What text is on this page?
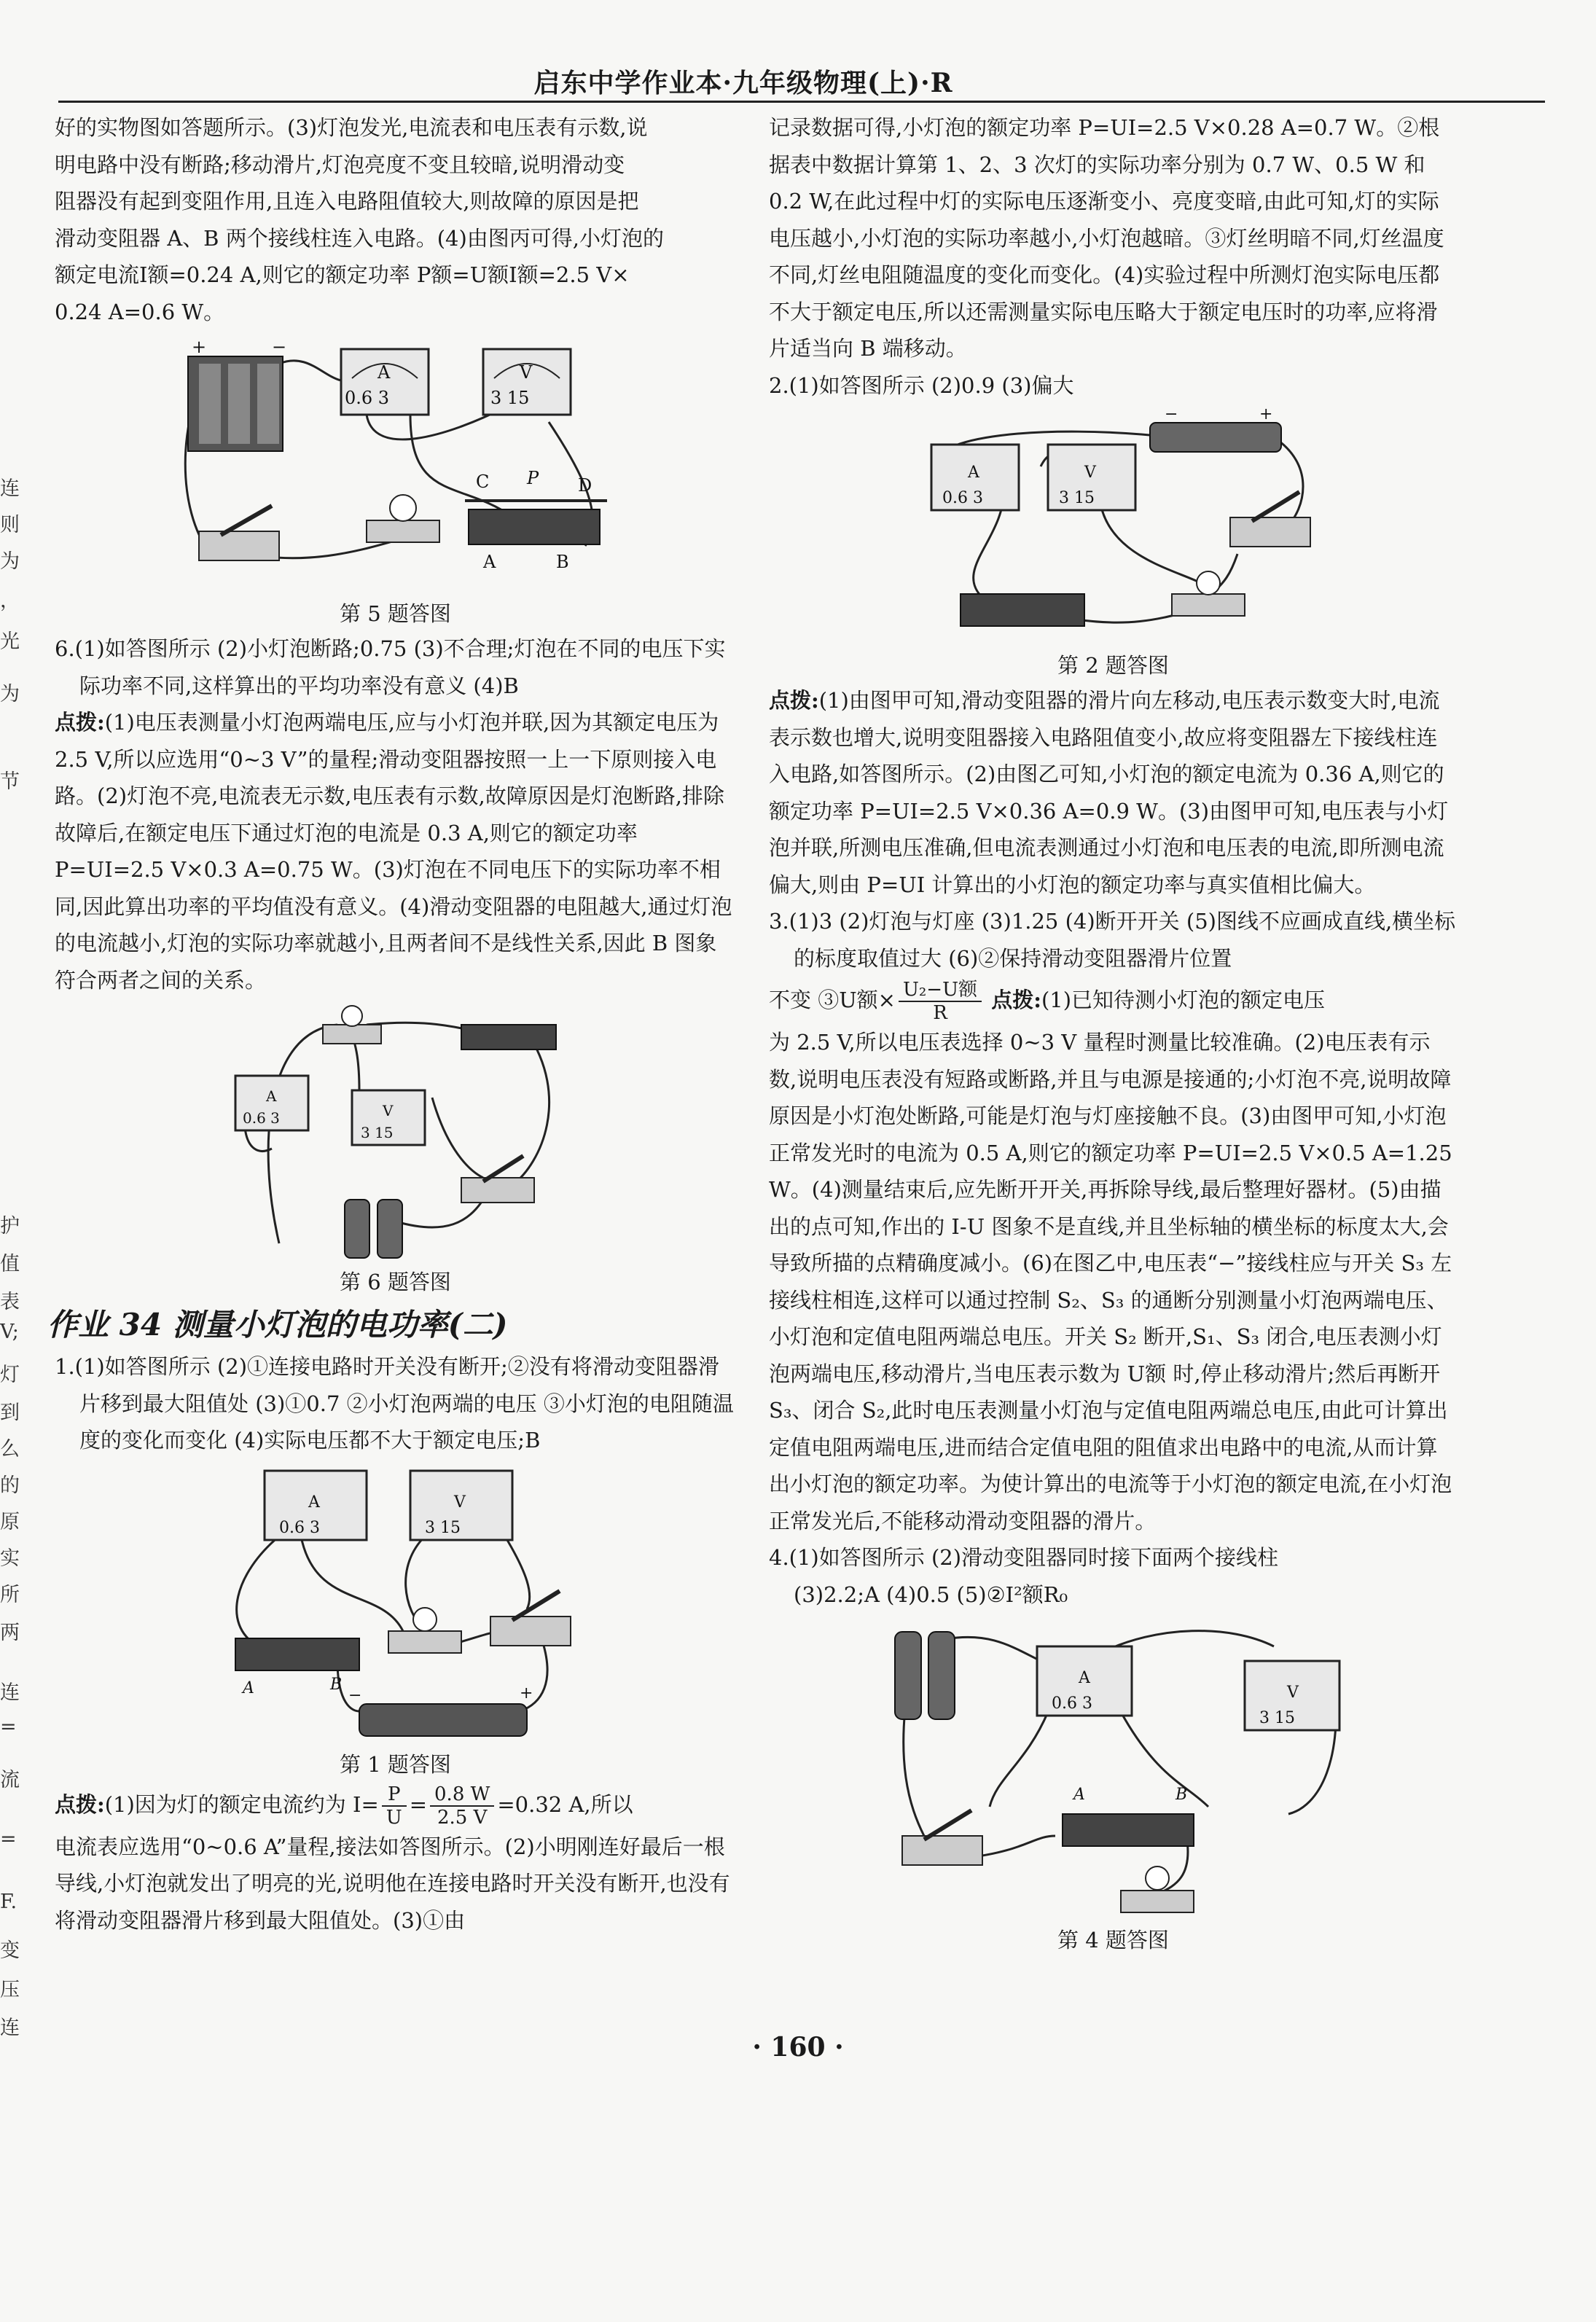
连
则
为
，
光
为
节
护
值
表
V;
灯
到
么
的
原
实
所
两
连
=
流
=
F.
变
压
连
启东中学作业本·九年级物理(上)·R

好的实物图如答题所示。(3)灯泡发光,电流表和电压表有示数,说

明电路中没有断路;移动滑片,灯泡亮度不变且较暗,说明滑动变

阻器没有起到变阻作用,且连入电路阻值较大,则故障的原因是把

滑动变阻器 A、B 两个接线柱连入电路。(4)由图丙可得,小灯泡的

额定电流I额=0.24 A,则它的额定功率 P额=U额I额=2.5 V×

0.24 A=0.6 W。

0.6 3	3 15
A	V
+	−
C P D
A	B
第 5 题答图

6.(1)如答图所示 (2)小灯泡断路;0.75 (3)不合理;灯泡在不同的电压下实际功率不同,这样算出的平均功率没有意义 (4)B

点拨:(1)电压表测量小灯泡两端电压,应与小灯泡并联,因为其额定电压为 2.5 V,所以应选用“0~3 V”的量程;滑动变阻器按照一上一下原则接入电路。(2)灯泡不亮,电流表无示数,电压表有示数,故障原因是灯泡断路,排除故障后,在额定电压下通过灯泡的电流是 0.3 A,则它的额定功率 P=UI=2.5 V×0.3 A=0.75 W。(3)灯泡在不同电压下的实际功率不相同,因此算出功率的平均值没有意义。(4)滑动变阻器的电阻越大,通过灯泡的电流越小,灯泡的实际功率就越小,且两者间不是线性关系,因此 B 图象符合两者之间的关系。

0.6 3
3 15
A
V
第 6 题答图
作业 34 测量小灯泡的电功率(二)

1.(1)如答图所示 (2)①连接电路时开关没有断开;②没有将滑动变阻器滑片移到最大阻值处 (3)①0.7 ②小灯泡两端的电压 ③小灯泡的电阻随温度的变化而变化 (4)实际电压都不大于额定电压;B

0.6 3	3 15
A	V
A	B
−	+
第 1 题答图

点拨:(1)因为灯的额定电流约为 $I= \frac{P}{U} = \frac{0.8 W}{2.5 V} =0.32$ A,所以

电流表应选用“0~0.6 A”量程,接法如答图所示。(2)小明刚连好最后一根导线,小灯泡就发出了明亮的光,说明他在连接电路时开关没有断开,也没有将滑动变阻器滑片移到最大阻值处。(3)①由

记录数据可得,小灯泡的额定功率 P=UI=2.5 V×0.28 A=0.7 W。②根据表中数据计算第 1、2、3 次灯的实际功率分别为 0.7 W、0.5 W 和 0.2 W,在此过程中灯的实际电压逐渐变小、亮度变暗,由此可知,灯的实际电压越小,小灯泡的实际功率越小,小灯泡越暗。③灯丝明暗不同,灯丝温度不同,灯丝电阻随温度的变化而变化。(4)实验过程中所测灯泡实际电压都不大于额定电压,所以还需测量实际电压略大于额定电压时的功率,应将滑片适当向 B 端移动。

2.(1)如答图所示 (2)0.9 (3)偏大

−	+
0.6 3	3 15
A	V
第 2 题答图

点拨:(1)由图甲可知,滑动变阻器的滑片向左移动,电压表示数变大时,电流表示数也增大,说明变阻器接入电路阻值变小,故应将变阻器左下接线柱连入电路,如答图所示。(2)由图乙可知,小灯泡的额定电流为 0.36 A,则它的额定功率 P=UI=2.5 V×0.36 A=0.9 W。(3)由图甲可知,电压表与小灯泡并联,所测电压准确,但电流表测通过小灯泡和电压表的电流,即所测电流偏大,则由 P=UI 计算出的小灯泡的额定功率与真实值相比偏大。

3.(1)3 (2)灯泡与灯座 (3)1.25 (4)断开开关 (5)图线不应画成直线,横坐标的标度取值过大 (6)②保持滑动变阻器滑片位置

不变 ③U额× $\frac{\text{U₂−U额}}{R}$ 点拨:(1)已知待测小灯泡的额定电压

为 2.5 V,所以电压表选择 0~3 V 量程时测量比较准确。(2)电压表有示数,说明电压表没有短路或断路,并且与电源是接通的;小灯泡不亮,说明故障原因是小灯泡处断路,可能是灯泡与灯座接触不良。(3)由图甲可知,小灯泡正常发光时的电流为 0.5 A,则它的额定功率 P=UI=2.5 V×0.5 A=1.25 W。(4)测量结束后,应先断开开关,再拆除导线,最后整理好器材。(5)由描出的点可知,作出的 I-U 图象不是直线,并且坐标轴的横坐标的标度太大,会导致所描的点精确度减小。(6)在图乙中,电压表“−”接线柱应与开关 S₃ 左接线柱相连,这样可以通过控制 S₂、S₃ 的通断分别测量小灯泡两端电压、小灯泡和定值电阻两端总电压。开关 S₂ 断开,S₁、S₃ 闭合,电压表测小灯泡两端电压,移动滑片,当电压表示数为 U额 时,停止移动滑片;然后再断开 S₃、闭合 S₂,此时电压表测量小灯泡与定值电阻两端总电压,由此可计算出定值电阻两端电压,进而结合定值电阻的阻值求出电路中的电流,从而计算出小灯泡的额定功率。为使计算出的电流等于小灯泡的额定电流,在小灯泡正常发光后,不能移动滑动变阻器的滑片。

4.(1)如答图所示 (2)滑动变阻器同时接下面两个接线柱

(3)2.2;A (4)0.5 (5)②I²额R₀

0.6 3
3 15
A
V
A	B
第 4 题答图
· 160 ·
